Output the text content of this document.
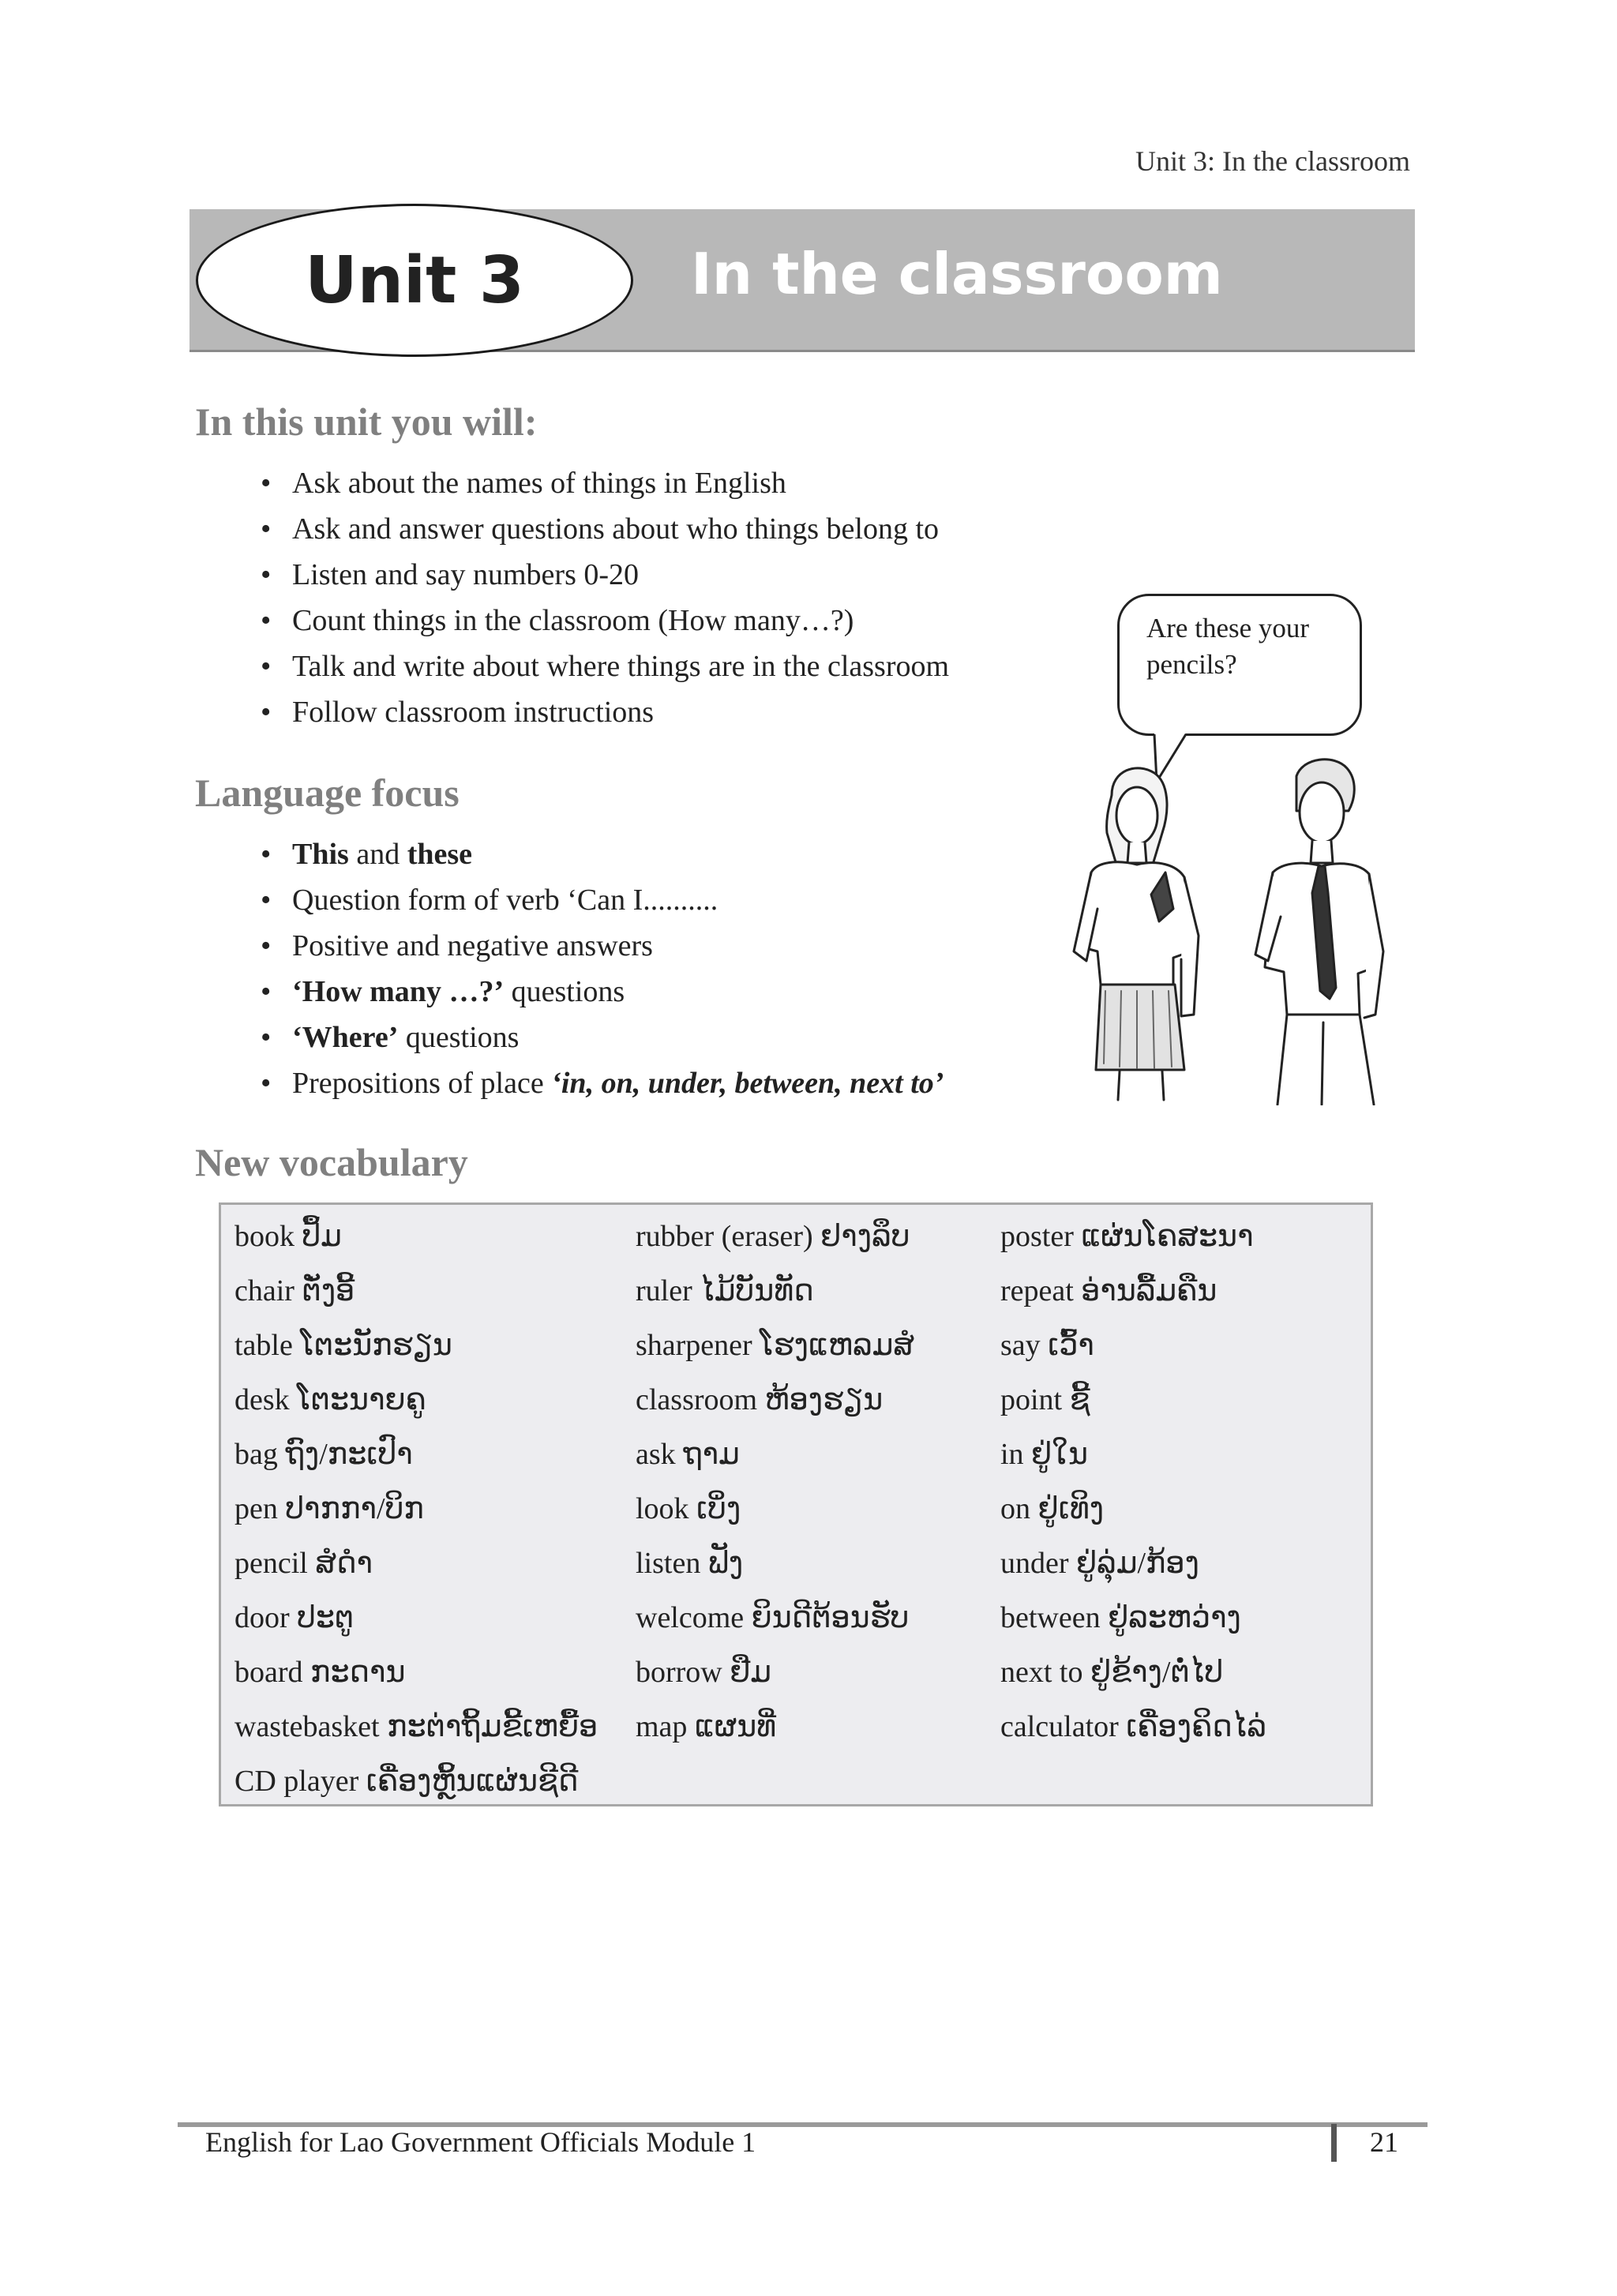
Unit 3: In the classroom
Unit 3	In the classroom
In this unit you will:
• Ask about the names of things in English
• Ask and answer questions about who things belong to
• Listen and say numbers 0-20
• Count things in the classroom (How many…?)
• Talk and write about where things are in the classroom
• Follow classroom instructions
Are these your pencils?
Language focus
• This and these
• Question form of verb ‘Can I..........
• Positive and negative answers
• ‘How many …?’ questions
• ‘Where’ questions
• Prepositions of place ‘in, on, under, between, next to’
New vocabulary
book ປຶ້ມ
chair ຕັ່ງອີ້
table ໂຕະນັກຮຽນ
desk ໂຕະນາຍຄູ
bag ຖົງ/ກະເປົາ
pen ປາກກາ/ບິກ
pencil ສໍດໍາ
door ປະຕູ
board ກະດານ
wastebasket ກະຕ່າຖິ້ມຂີ້ເຫຍື້ອ
CD player ເຄື່ອງຫຼິ້ນແຜ່ນຊີດີ
rubber (eraser) ຢາງລຶບ
ruler ໄມ້ບັນທັດ
sharpener ໂຮງແຫລມສໍ
classroom ຫ້ອງຮຽນ
ask ຖາມ
look ເບິ່ງ
listen ຟັງ
welcome ຍິນດີຕ້ອນຮັບ
borrow ຢືມ
map ແຜນທີ່
poster ແຜ່ນໂຄສະນາ
repeat ອ່ານລື້ມຄືນ
say ເວົ້າ
point ຊີ້
in ຢູ່ໃນ
on ຢູ່ເທິງ
under ຢູ່ລຸ່ມ/ກ້ອງ
between ຢູ່ລະຫວ່າງ
next to ຢູ່ຂ້າງ/ຕໍ່ໄປ
calculator ເຄື່ອງຄິດໄລ່
English for Lao Government Officials Module 1	21
